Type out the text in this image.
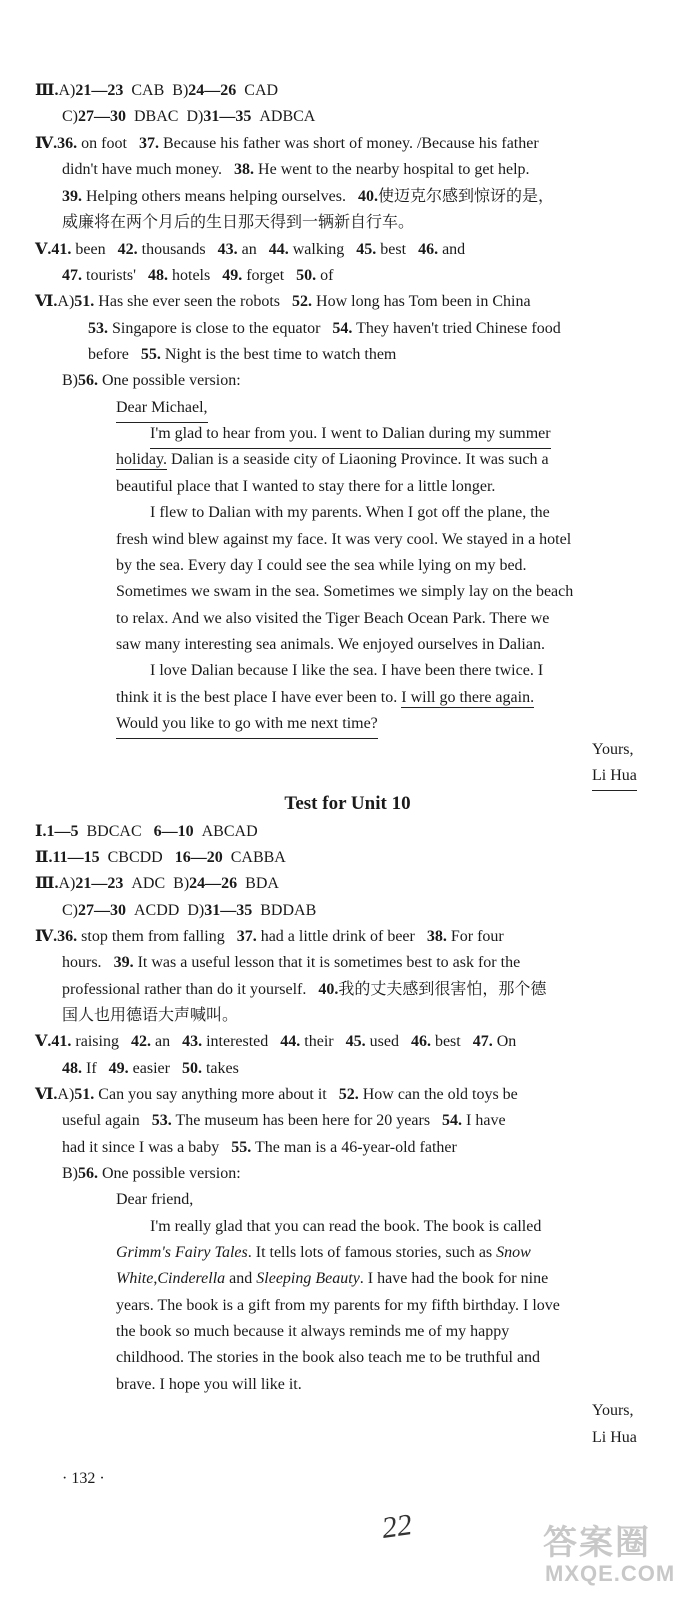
Ⅲ.A)21—23 CAB B)24—26 CAD
C)27—30 DBAC D)31—35 ADBCA
Ⅳ.36. on foot 37. Because his father was short of money. /Because his father
didn't have much money. 38. He went to the nearby hospital to get help.
39. Helping others means helping ourselves. 40.使迈克尔感到惊讶的是，
威廉将在两个月后的生日那天得到一辆新自行车。
Ⅴ.41. been 42. thousands 43. an 44. walking 45. best 46. and
47. tourists' 48. hotels 49. forget 50. of
Ⅵ.A)51. Has she ever seen the robots 52. How long has Tom been in China
53. Singapore is close to the equator 54. They haven't tried Chinese food
before 55. Night is the best time to watch them
B)56. One possible version:
Dear Michael,
I'm glad to hear from you. I went to Dalian during my summer
holiday. Dalian is a seaside city of Liaoning Province. It was such a
beautiful place that I wanted to stay there for a little longer.
I flew to Dalian with my parents. When I got off the plane, the
fresh wind blew against my face. It was very cool. We stayed in a hotel
by the sea. Every day I could see the sea while lying on my bed.
Sometimes we swam in the sea. Sometimes we simply lay on the beach
to relax. And we also visited the Tiger Beach Ocean Park. There we
saw many interesting sea animals. We enjoyed ourselves in Dalian.
I love Dalian because I like the sea. I have been there twice. I
think it is the best place I have ever been to. I will go there again.
Would you like to go with me next time?
Yours,
Li Hua
Test for Unit 10
Ⅰ.1—5 BDCAC 6—10 ABCAD
Ⅱ.11—15 CBCDD 16—20 CABBA
Ⅲ.A)21—23 ADC B)24—26 BDA
C)27—30 ACDD D)31—35 BDDAB
Ⅳ.36. stop them from falling 37. had a little drink of beer 38. For four
hours. 39. It was a useful lesson that it is sometimes best to ask for the
professional rather than do it yourself. 40.我的丈夫感到很害怕，那个德
国人也用德语大声喊叫。
Ⅴ.41. raising 42. an 43. interested 44. their 45. used 46. best 47. On
48. If 49. easier 50. takes
Ⅵ.A)51. Can you say anything more about it 52. How can the old toys be
useful again 53. The museum has been here for 20 years 54. I have
had it since I was a baby 55. The man is a 46-year-old father
B)56. One possible version:
Dear friend,
I'm really glad that you can read the book. The book is called
Grimm's Fairy Tales. It tells lots of famous stories, such as Snow
White,Cinderella and Sleeping Beauty. I have had the book for nine
years. The book is a gift from my parents for my fifth birthday. I love
the book so much because it always reminds me of my happy
childhood. The stories in the book also teach me to be truthful and
brave. I hope you will like it.
Yours,
Li Hua
· 132 ·
22	答案圈
MXQE.COM
